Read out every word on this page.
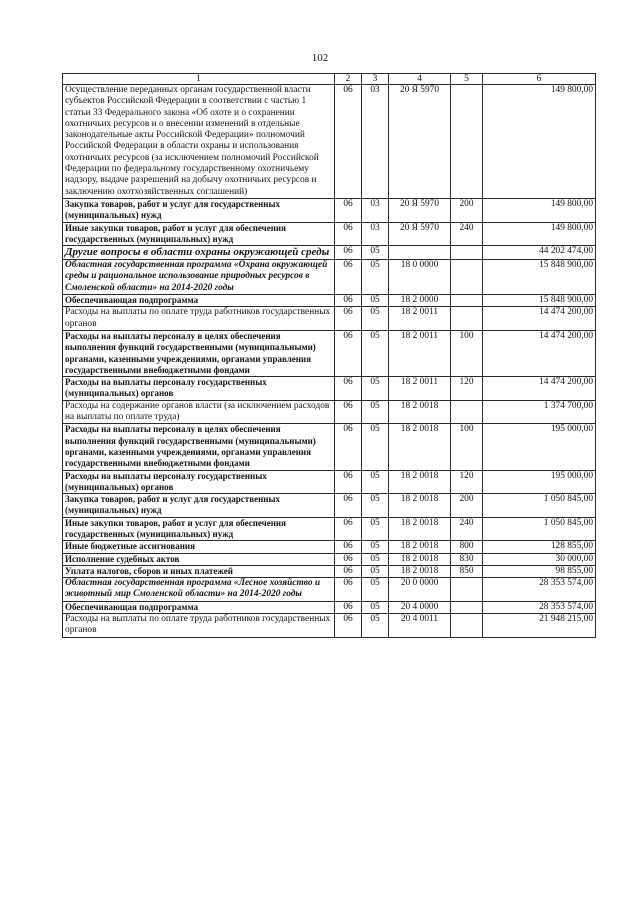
102
1	2	3	4	5	6
Осуществление переданных органам государственной власти субъектов Российской Федерации в соответствии с частью 1 статьи 33 Федерального закона «Об охоте и о сохранении охотничьих ресурсов и о внесении изменений в отдельные законодательные акты Российской Федерации» полномочий Российской Федерации в области охраны и использования охотничьих ресурсов (за исключением полномочий Российской Федерации по федеральному государственному охотничьему надзору, выдаче разрешений на добычу охотничьих ресурсов и заключению охотхозяйственных соглашений)	06	03	20 Я 5970		149 800,00
Закупка товаров, работ и услуг для государственных (муниципальных) нужд	06	03	20 Я 5970	200	149 800,00
Иные закупки товаров, работ и услуг для обеспечения государственных (муниципальных) нужд	06	03	20 Я 5970	240	149 800,00
Другие вопросы в области охраны окружающей среды	06	05			44 202 474,00
Областная государственная программа «Охрана окружающей среды и рациональное использование природных ресурсов в Смоленской области» на 2014-2020 годы	06	05	18 0 0000		15 848 900,00
Обеспечивающая подпрограмма	06	05	18 2 0000		15 848 900,00
Расходы на выплаты по оплате труда работников государственных органов	06	05	18 2 0011		14 474 200,00
Расходы на выплаты персоналу в целях обеспечения выполнения функций государственными (муниципальными) органами, казенными учреждениями, органами управления государственными внебюджетными фондами	06	05	18 2 0011	100	14 474 200,00
Расходы на выплаты персоналу государственных (муниципальных) органов	06	05	18 2 0011	120	14 474 200,00
Расходы на содержание органов власти (за исключением расходов на выплаты по оплате труда)	06	05	18 2 0018		1 374 700,00
Расходы на выплаты персоналу в целях обеспечения выполнения функций государственными (муниципальными) органами, казенными учреждениями, органами управления государственными внебюджетными фондами	06	05	18 2 0018	100	195 000,00
Расходы на выплаты персоналу государственных (муниципальных) органов	06	05	18 2 0018	120	195 000,00
Закупка товаров, работ и услуг для государственных (муниципальных) нужд	06	05	18 2 0018	200	1 050 845,00
Иные закупки товаров, работ и услуг для обеспечения государственных (муниципальных) нужд	06	05	18 2 0018	240	1 050 845,00
Иные бюджетные ассигнования	06	05	18 2 0018	800	128 855,00
Исполнение судебных актов	06	05	18 2 0018	830	30 000,00
Уплата налогов, сборов и иных платежей	06	05	18 2 0018	850	98 855,00
Областная государственная программа «Лесное хозяйство и животный мир Смоленской области» на 2014-2020 годы	06	05	20 0 0000		28 353 574,00
Обеспечивающая подпрограмма	06	05	20 4 0000		28 353 574,00
Расходы на выплаты по оплате труда работников государственных органов	06	05	20 4 0011		21 948 215,00
